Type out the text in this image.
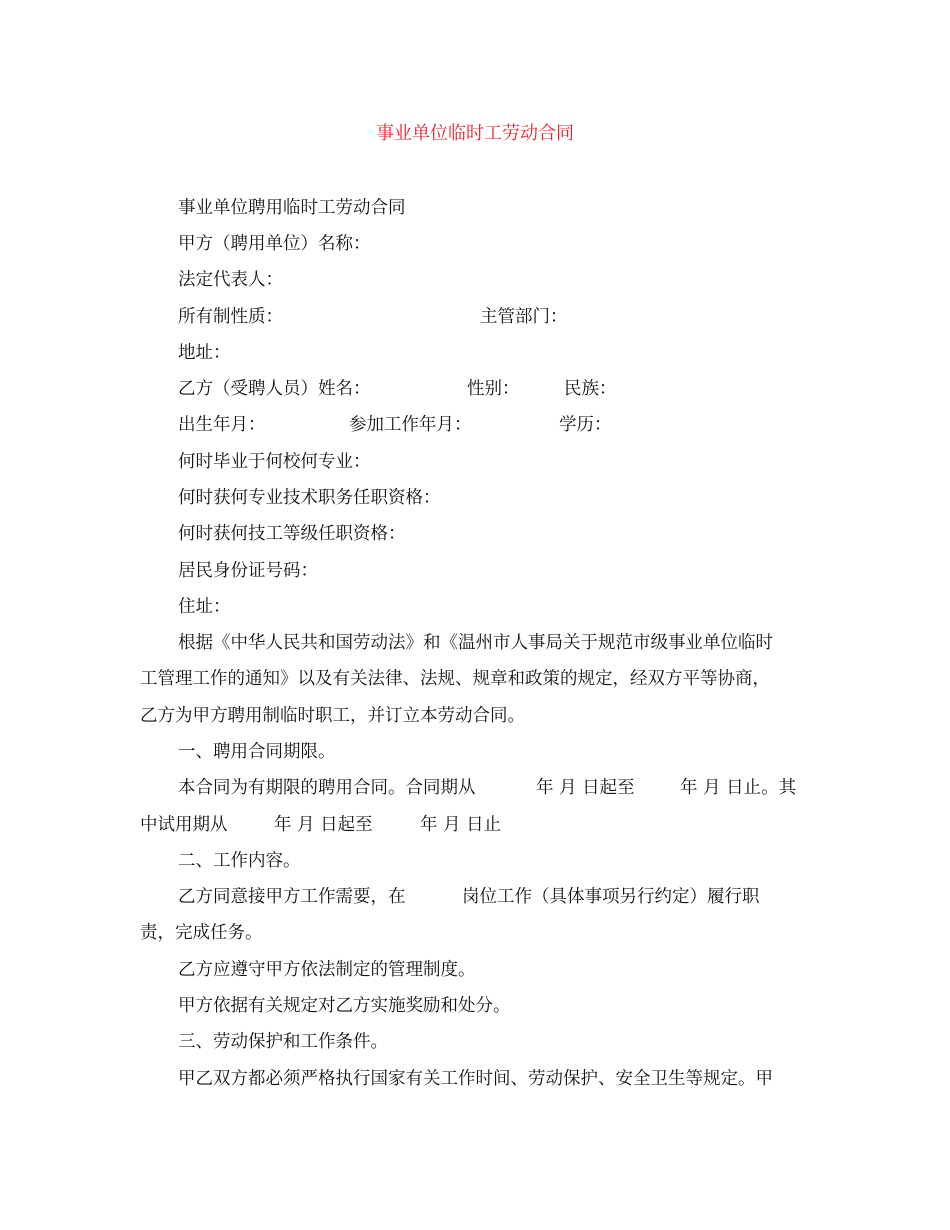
事业单位临时工劳动合同
事业单位聘用临时工劳动合同
甲方（聘用单位）名称：
法定代表人：
所有制性质：	主管部门：
地址：
乙方（受聘人员）姓名：	性别：	民族：
出生年月：	参加工作年月：	学历：
何时毕业于何校何专业：
何时获何专业技术职务任职资格：
何时获何技工等级任职资格：
居民身份证号码：
住址：
根据《中华人民共和国劳动法》和《温州市人事局关于规范市级事业单位临时
工管理工作的通知》以及有关法律、法规、规章和政策的规定，经双方平等协商，
乙方为甲方聘用制临时职工，并订立本劳动合同。
一、聘用合同期限。
本合同为有期限的聘用合同。合同期从	年 月 日起至	年 月 日止。其
中试用期从	年 月 日起至	年 月 日止
二、工作内容。
乙方同意接甲方工作需要，在	岗位工作（具体事项另行约定）履行职
责，完成任务。
乙方应遵守甲方依法制定的管理制度。
甲方依据有关规定对乙方实施奖励和处分。
三、劳动保护和工作条件。
甲乙双方都必须严格执行国家有关工作时间、劳动保护、安全卫生等规定。甲
